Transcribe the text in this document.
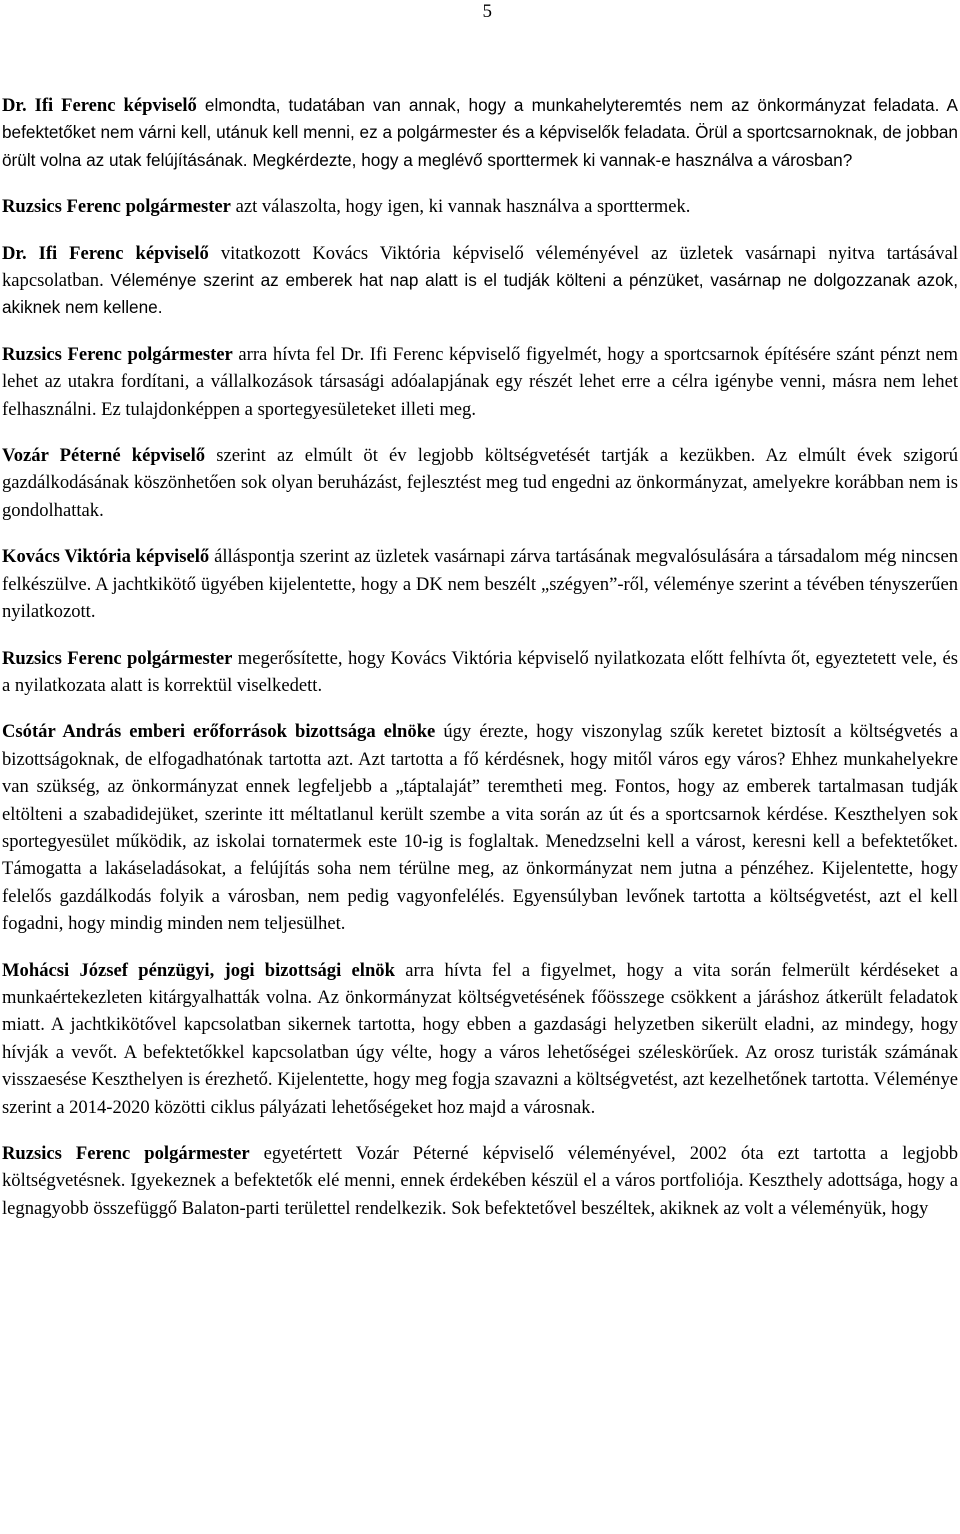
5

Dr. Ifi Ferenc képviselő elmondta, tudatában van annak, hogy a munkahelyteremtés nem az önkormányzat feladata. A befektetőket nem várni kell, utánuk kell menni, ez a polgármester és a képviselők feladata. Örül a sportcsarnoknak, de jobban örült volna az utak felújításának. Megkérdezte, hogy a meglévő sporttermek ki vannak-e használva a városban?

Ruzsics Ferenc polgármester azt válaszolta, hogy igen, ki vannak használva a sporttermek.

Dr. Ifi Ferenc képviselő vitatkozott Kovács Viktória képviselő véleményével az üzletek vasárnapi nyitva tartásával kapcsolatban. Véleménye szerint az emberek hat nap alatt is el tudják költeni a pénzüket, vasárnap ne dolgozzanak azok, akiknek nem kellene.

Ruzsics Ferenc polgármester arra hívta fel Dr. Ifi Ferenc képviselő figyelmét, hogy a sportcsarnok építésére szánt pénzt nem lehet az utakra fordítani, a vállalkozások társasági adóalapjának egy részét lehet erre a célra igénybe venni, másra nem lehet felhasználni. Ez tulajdonképpen a sportegyesületeket illeti meg.

Vozár Péterné képviselő szerint az elmúlt öt év legjobb költségvetését tartják a kezükben. Az elmúlt évek szigorú gazdálkodásának köszönhetően sok olyan beruházást, fejlesztést meg tud engedni az önkormányzat, amelyekre korábban nem is gondolhattak.

Kovács Viktória képviselő álláspontja szerint az üzletek vasárnapi zárva tartásának megvalósulására a társadalom még nincsen felkészülve. A jachtkikötő ügyében kijelentette, hogy a DK nem beszélt „szégyen”-ről, véleménye szerint a tévében tényszerűen nyilatkozott.

Ruzsics Ferenc polgármester megerősítette, hogy Kovács Viktória képviselő nyilatkozata előtt felhívta őt, egyeztetett vele, és a nyilatkozata alatt is korrektül viselkedett.

Csótár András emberi erőforrások bizottsága elnöke úgy érezte, hogy viszonylag szűk keretet biztosít a költségvetés a bizottságoknak, de elfogadhatónak tartotta azt. Azt tartotta a fő kérdésnek, hogy mitől város egy város? Ehhez munkahelyekre van szükség, az önkormányzat ennek legfeljebb a „táptalaját” teremtheti meg. Fontos, hogy az emberek tartalmasan tudják eltölteni a szabadidejüket, szerinte itt méltatlanul került szembe a vita során az út és a sportcsarnok kérdése. Keszthelyen sok sportegyesület működik, az iskolai tornatermek este 10-ig is foglaltak. Menedzselni kell a várost, keresni kell a befektetőket. Támogatta a lakáseladásokat, a felújítás soha nem térülne meg, az önkormányzat nem jutna a pénzéhez. Kijelentette, hogy felelős gazdálkodás folyik a városban, nem pedig vagyonfelélés. Egyensúlyban levőnek tartotta a költségvetést, azt el kell fogadni, hogy mindig minden nem teljesülhet.

Mohácsi József pénzügyi, jogi bizottsági elnök arra hívta fel a figyelmet, hogy a vita során felmerült kérdéseket a munkaértekezleten kitárgyalhatták volna. Az önkormányzat költségvetésének főösszege csökkent a járáshoz átkerült feladatok miatt. A jachtkikötővel kapcsolatban sikernek tartotta, hogy ebben a gazdasági helyzetben sikerült eladni, az mindegy, hogy hívják a vevőt. A befektetőkkel kapcsolatban úgy vélte, hogy a város lehetőségei széleskörűek. Az orosz turisták számának visszaesése Keszthelyen is érezhető. Kijelentette, hogy meg fogja szavazni a költségvetést, azt kezelhetőnek tartotta. Véleménye szerint a 2014-2020 közötti ciklus pályázati lehetőségeket hoz majd a városnak.

Ruzsics Ferenc polgármester egyetértett Vozár Péterné képviselő véleményével, 2002 óta ezt tartotta a legjobb költségvetésnek. Igyekeznek a befektetők elé menni, ennek érdekében készül el a város portfoliója. Keszthely adottsága, hogy a legnagyobb összefüggő Balaton-parti területtel rendelkezik. Sok befektetővel beszéltek, akiknek az volt a véleményük, hogy
